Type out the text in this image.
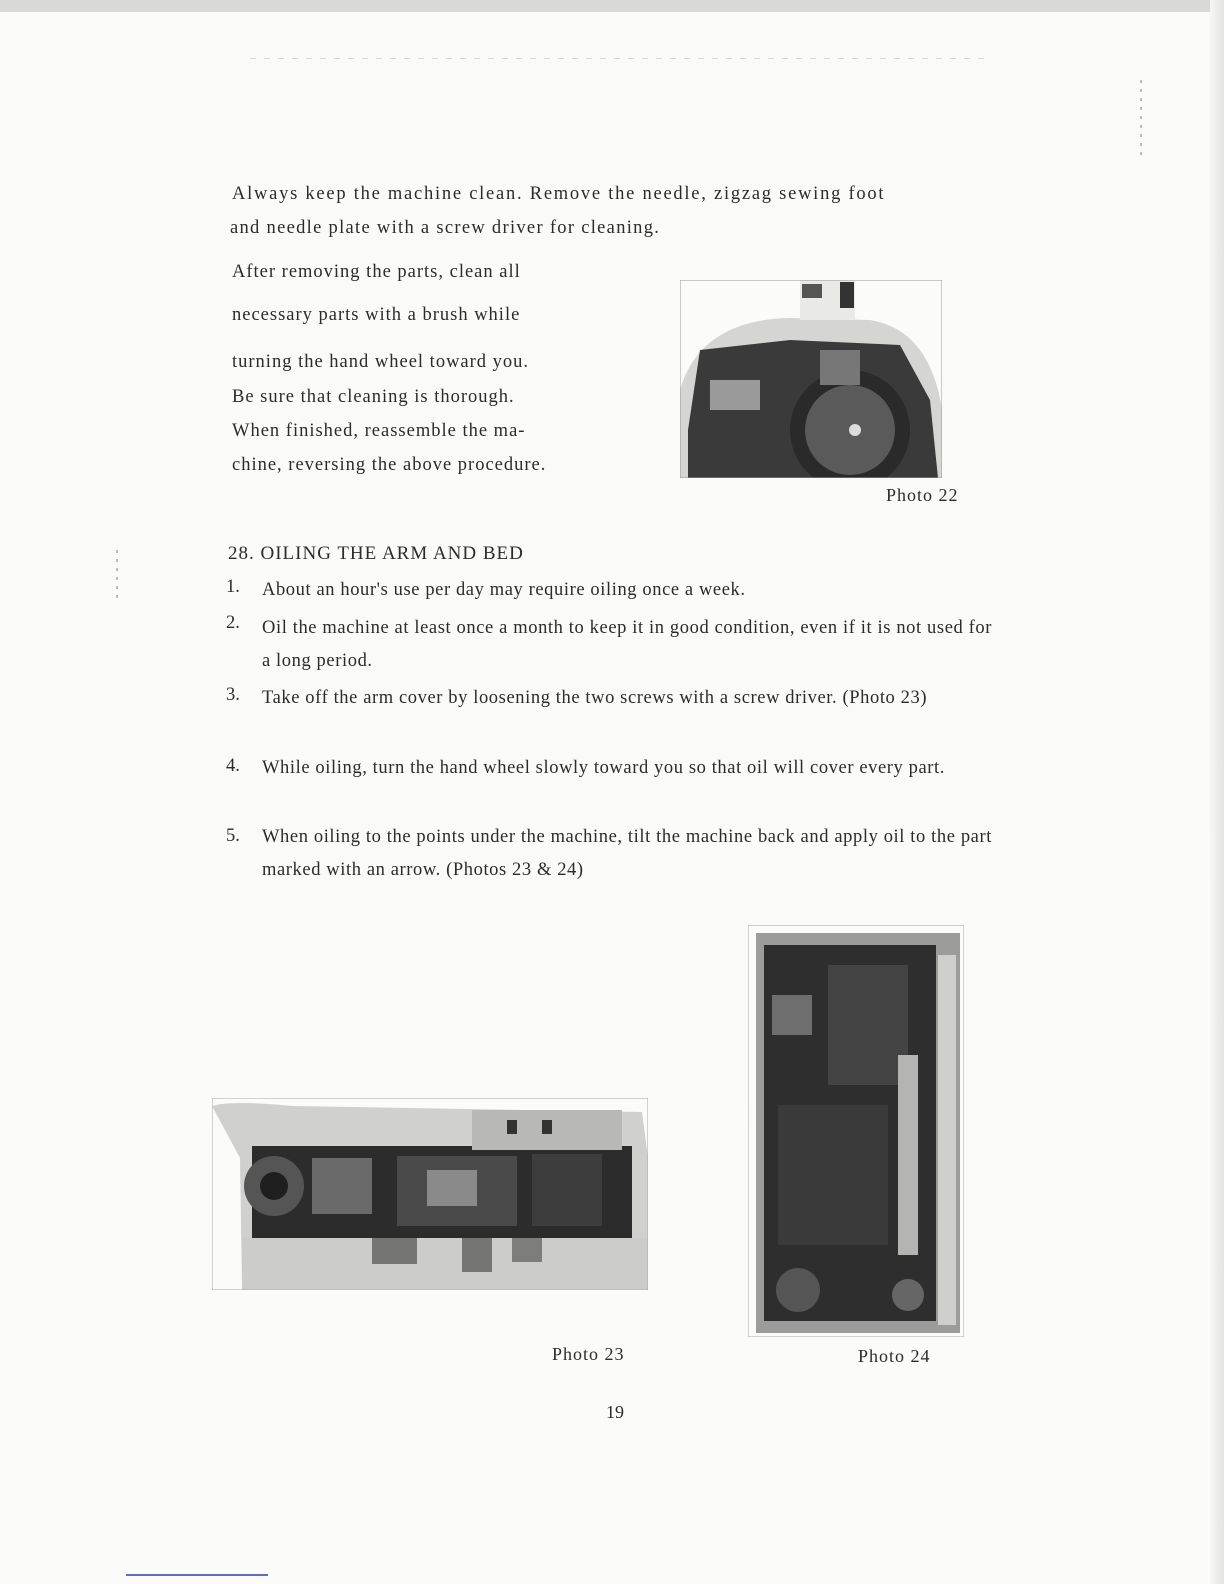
Always keep the machine clean. Remove the needle, zigzag sewing foot
and needle plate with a screw driver for cleaning.
After removing the parts, clean all
necessary parts with a brush while
turning the hand wheel toward you.
Be sure that cleaning is thorough.
When finished, reassemble the ma-
chine, reversing the above procedure.
Photo 22
28. OILING THE ARM AND BED
1. About an hour's use per day may require oiling once a week.
2. Oil the machine at least once a month to keep it in good condition, even if it is not used for a long period.
3. Take off the arm cover by loosening the two screws with a screw driver. (Photo 23)
4. While oiling, turn the hand wheel slowly toward you so that oil will cover every part.
5. When oiling to the points under the machine, tilt the machine back and apply oil to the part marked with an arrow. (Photos 23 & 24)
Photo 23	Photo 24
19
